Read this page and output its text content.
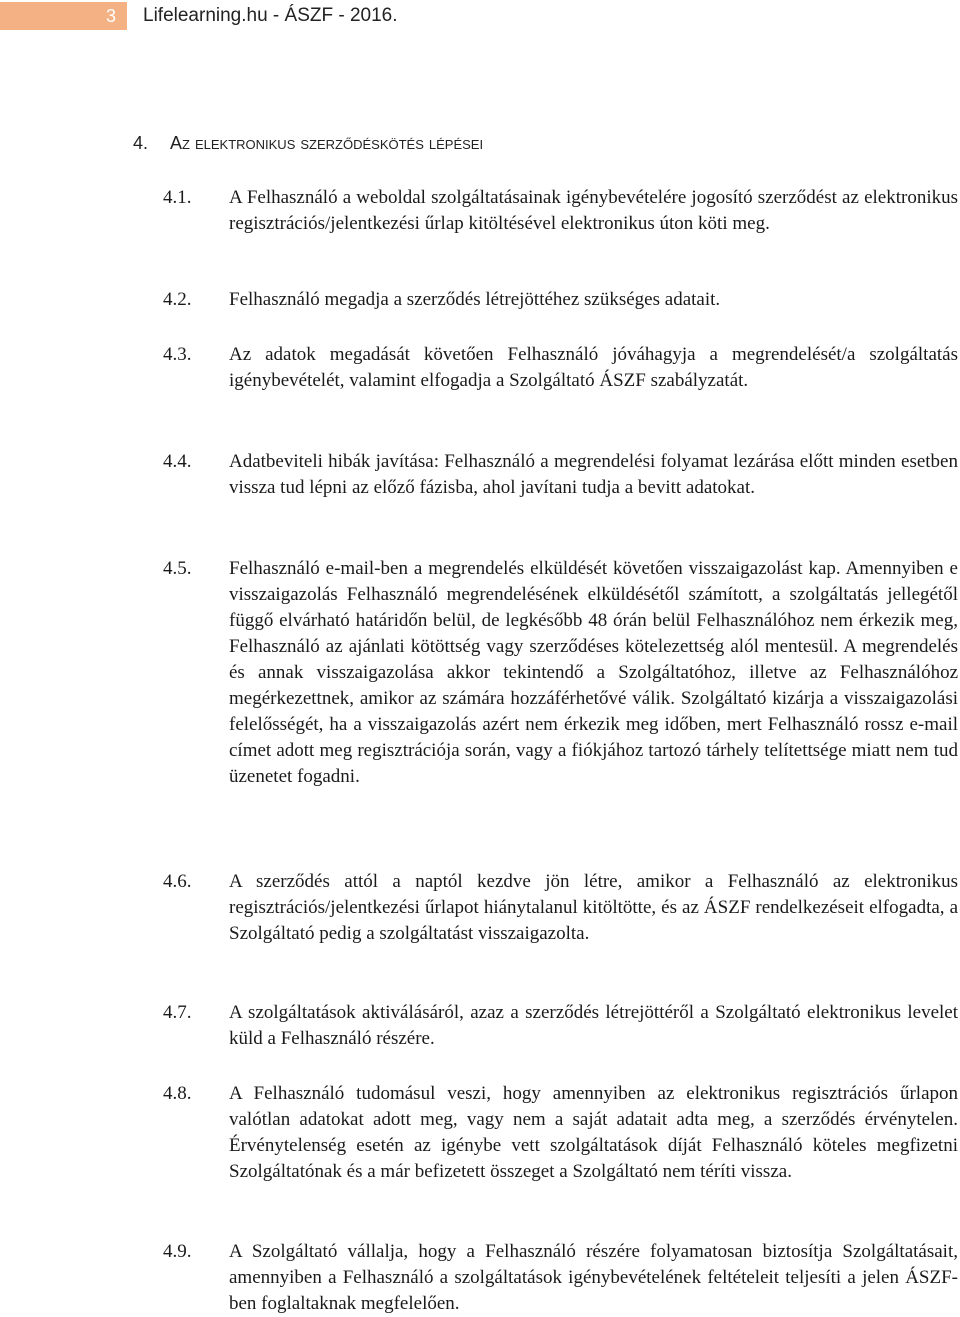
3	Lifelearning.hu - ÁSZF - 2016.
4. Az elektronikus szerződéskötés lépései
4.1. A Felhasználó a weboldal szolgáltatásainak igénybevételére jogosító szerződést az elektronikus regisztrációs/jelentkezési űrlap kitöltésével elektronikus úton köti meg.
4.2. Felhasználó megadja a szerződés létrejöttéhez szükséges adatait.
4.3. Az adatok megadását követően Felhasználó jóváhagyja a megrendelését/a szolgáltatás igénybevételét, valamint elfogadja a Szolgáltató ÁSZF szabályzatát.
4.4. Adatbeviteli hibák javítása: Felhasználó a megrendelési folyamat lezárása előtt minden esetben vissza tud lépni az előző fázisba, ahol javítani tudja a bevitt adatokat.
4.5. Felhasználó e-mail-ben a megrendelés elküldését követően visszaigazolást kap. Amennyiben e visszaigazolás Felhasználó megrendelésének elküldésétől számított, a szolgáltatás jellegétől függő elvárható határidőn belül, de legkésőbb 48 órán belül Felhasználóhoz nem érkezik meg, Felhasználó az ajánlati kötöttség vagy szerződéses kötelezettség alól mentesül. A megrendelés és annak visszaigazolása akkor tekintendő a Szolgáltatóhoz, illetve az Felhasználóhoz megérkezettnek, amikor az számára hozzáférhetővé válik. Szolgáltató kizárja a visszaigazolási felelősségét, ha a visszaigazolás azért nem érkezik meg időben, mert Felhasználó rossz e-mail címet adott meg regisztrációja során, vagy a fiókjához tartozó tárhely telítettsége miatt nem tud üzenetet fogadni.
4.6. A szerződés attól a naptól kezdve jön létre, amikor a Felhasználó az elektronikus regisztrációs/jelentkezési űrlapot hiánytalanul kitöltötte, és az ÁSZF rendelkezéseit elfogadta, a Szolgáltató pedig a szolgáltatást visszaigazolta.
4.7. A szolgáltatások aktiválásáról, azaz a szerződés létrejöttéről a Szolgáltató elektronikus levelet küld a Felhasználó részére.
4.8. A Felhasználó tudomásul veszi, hogy amennyiben az elektronikus regisztrációs űrlapon valótlan adatokat adott meg, vagy nem a saját adatait adta meg, a szerződés érvénytelen. Érvénytelenség esetén az igénybe vett szolgáltatások díját Felhasználó köteles megfizetni Szolgáltatónak és a már befizetett összeget a Szolgáltató nem téríti vissza.
4.9. A Szolgáltató vállalja, hogy a Felhasználó részére folyamatosan biztosítja Szolgáltatásait, amennyiben a Felhasználó a szolgáltatások igénybevételének feltételeit teljesíti a jelen ÁSZF-ben foglaltaknak megfelelően.
